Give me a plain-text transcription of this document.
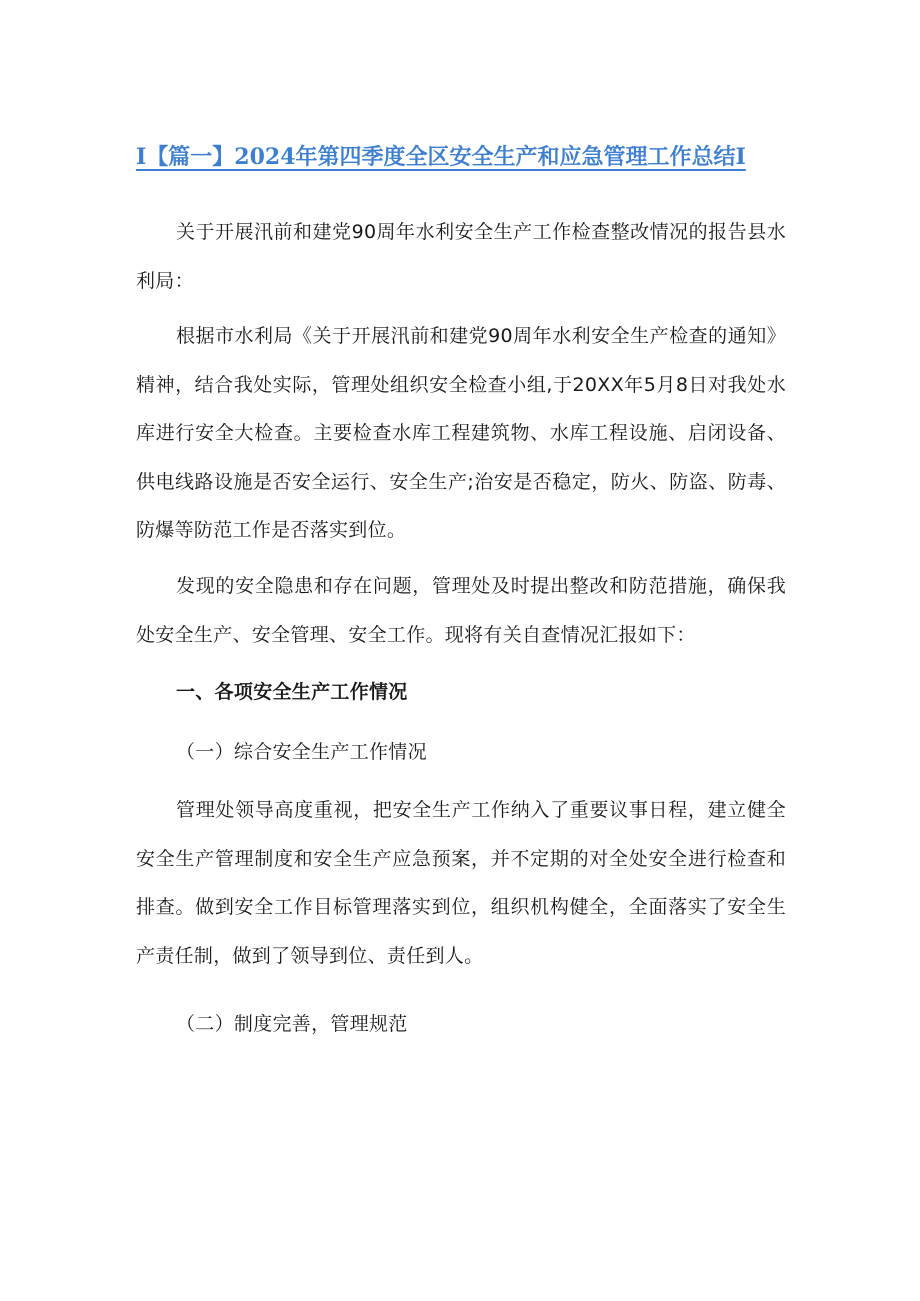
I【篇一】2024年第四季度全区安全生产和应急管理工作总结I

关于开展汛前和建党90周年水利安全生产工作检查整改情况的报告县水利局：

根据市水利局《关于开展汛前和建党90周年水利安全生产检查的通知》精神，结合我处实际，管理处组织安全检查小组,于20XX年5月8日对我处水库进行安全大检查。主要检查水库工程建筑物、水库工程设施、启闭设备、供电线路设施是否安全运行、安全生产;治安是否稳定，防火、防盗、防毒、防爆等防范工作是否落实到位。

发现的安全隐患和存在问题，管理处及时提出整改和防范措施，确保我处安全生产、安全管理、安全工作。现将有关自查情况汇报如下：

一、各项安全生产工作情况

（一）综合安全生产工作情况

管理处领导高度重视，把安全生产工作纳入了重要议事日程，建立健全安全生产管理制度和安全生产应急预案，并不定期的对全处安全进行检查和排查。做到安全工作目标管理落实到位，组织机构健全，全面落实了安全生产责任制，做到了领导到位、责任到人。

（二）制度完善，管理规范
